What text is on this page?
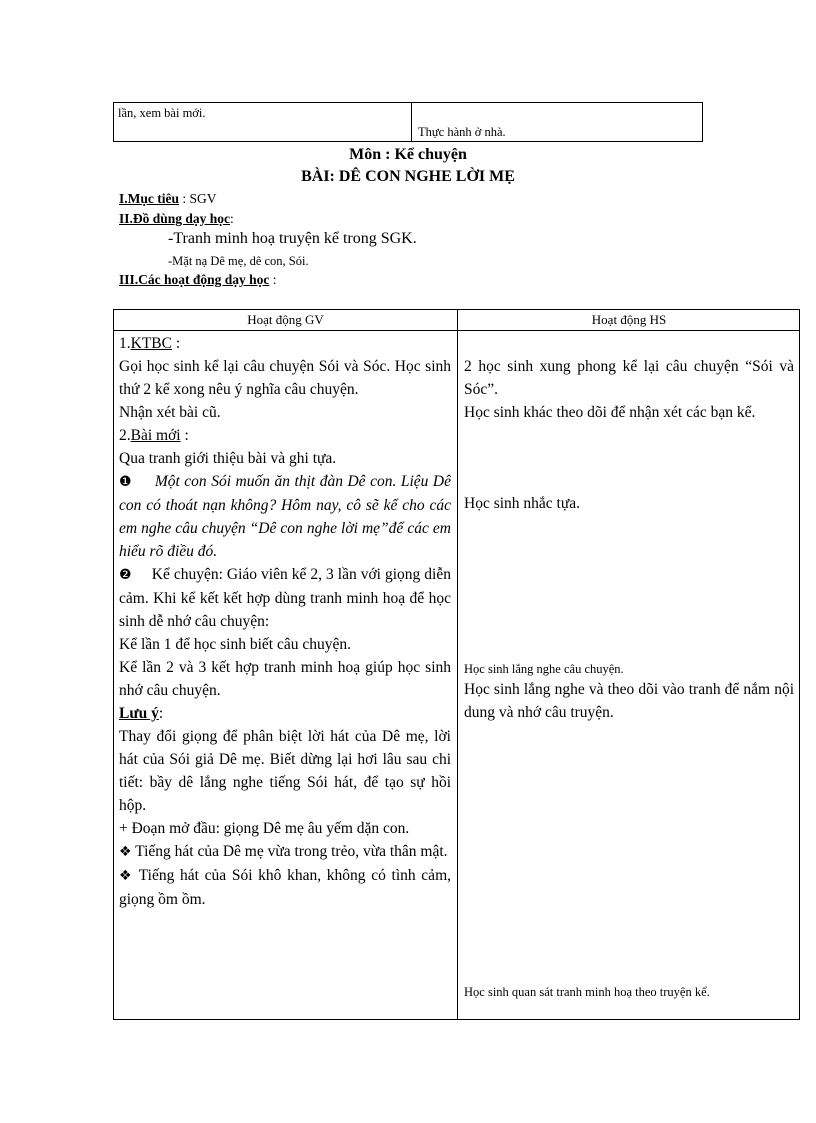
lần, xem bài mới.
Thực hành ở nhà.
Môn : Kể chuyện
BÀI: DÊ CON NGHE LỜI MẸ
I.Mục tiêu : SGV
II.Đồ dùng dạy học:
-Tranh minh hoạ truyện kể trong SGK.
-Mặt nạ Dê mẹ, dê con, Sói.
III.Các hoạt động dạy học :
Hoạt động GV	Hoạt động HS

1.KTBC :

Gọi học sinh kể lại câu chuyện Sói và Sóc. Học sinh thứ 2 kể xong nêu ý nghĩa câu chuyện.

Nhận xét bài cũ.

2.Bài mới :

Qua tranh giới thiệu bài và ghi tựa.

❶ Một con Sói muốn ăn thịt đàn Dê con. Liệu Dê con có thoát nạn không? Hôm nay, cô sẽ kể cho các em nghe câu chuyện “Dê con nghe lời mẹ”để các em hiểu rõ điều đó.

❷ Kể chuyện: Giáo viên kể 2, 3 lần với giọng diễn cảm. Khi kể kết kết hợp dùng tranh minh hoạ để học sinh dễ nhớ câu chuyện:

Kể lần 1 để học sinh biết câu chuyện.

Kể lần 2 và 3 kết hợp tranh minh hoạ giúp học sinh nhớ câu chuyện.

Lưu ý:

Thay đổi giọng để phân biệt lời hát của Dê mẹ, lời hát của Sói giả Dê mẹ. Biết dừng lại hơi lâu sau chi tiết: bầy dê lắng nghe tiếng Sói hát, để tạo sự hồi hộp.

+ Đoạn mở đầu: giọng Dê mẹ âu yếm dặn con.

❖ Tiếng hát của Dê mẹ vừa trong trẻo, vừa thân mật.

❖ Tiếng hát của Sói khô khan, không có tình cảm, giọng ồm ồm.

2 học sinh xung phong kể lại câu chuyện “Sói và Sóc”.
Học sinh khác theo dõi để nhận xét các bạn kể.
Học sinh nhắc tựa.
Học sinh lắng nghe câu chuyện.
Học sinh lắng nghe và theo dõi vào tranh để nắm nội dung và nhớ câu truyện.
Học sinh quan sát tranh minh hoạ theo truyện kể.
